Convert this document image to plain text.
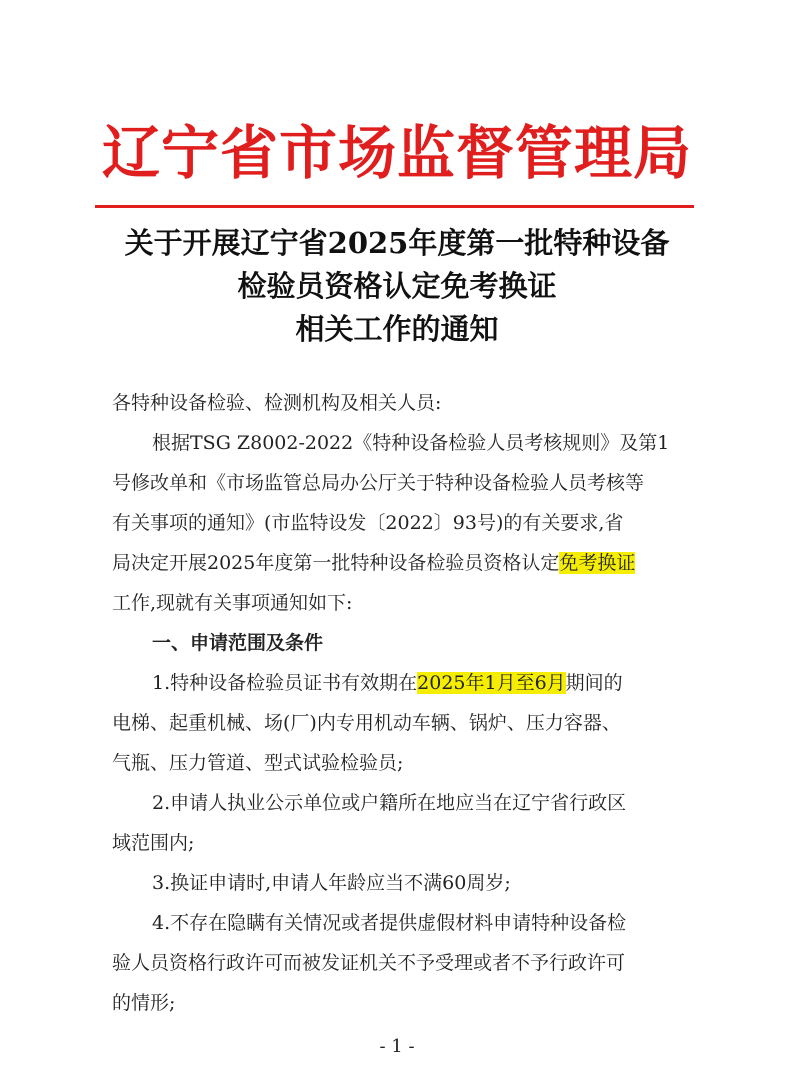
辽宁省市场监督管理局
关于开展辽宁省2025年度第一批特种设备
检验员资格认定免考换证
相关工作的通知

各特种设备检验、检测机构及相关人员:

根据TSG Z8002-2022《特种设备检验人员考核规则》及第1

号修改单和《市场监管总局办公厅关于特种设备检验人员考核等

有关事项的通知》(市监特设发〔2022〕93号)的有关要求,省

局决定开展2025年度第一批特种设备检验员资格认定免考换证

工作,现就有关事项通知如下:

一、申请范围及条件

1.特种设备检验员证书有效期在2025年1月至6月期间的

电梯、起重机械、场(厂)内专用机动车辆、锅炉、压力容器、

气瓶、压力管道、型式试验检验员;

2.申请人执业公示单位或户籍所在地应当在辽宁省行政区

域范围内;

3.换证申请时,申请人年龄应当不满60周岁;

4.不存在隐瞒有关情况或者提供虚假材料申请特种设备检

验人员资格行政许可而被发证机关不予受理或者不予行政许可

的情形;

- 1 -
